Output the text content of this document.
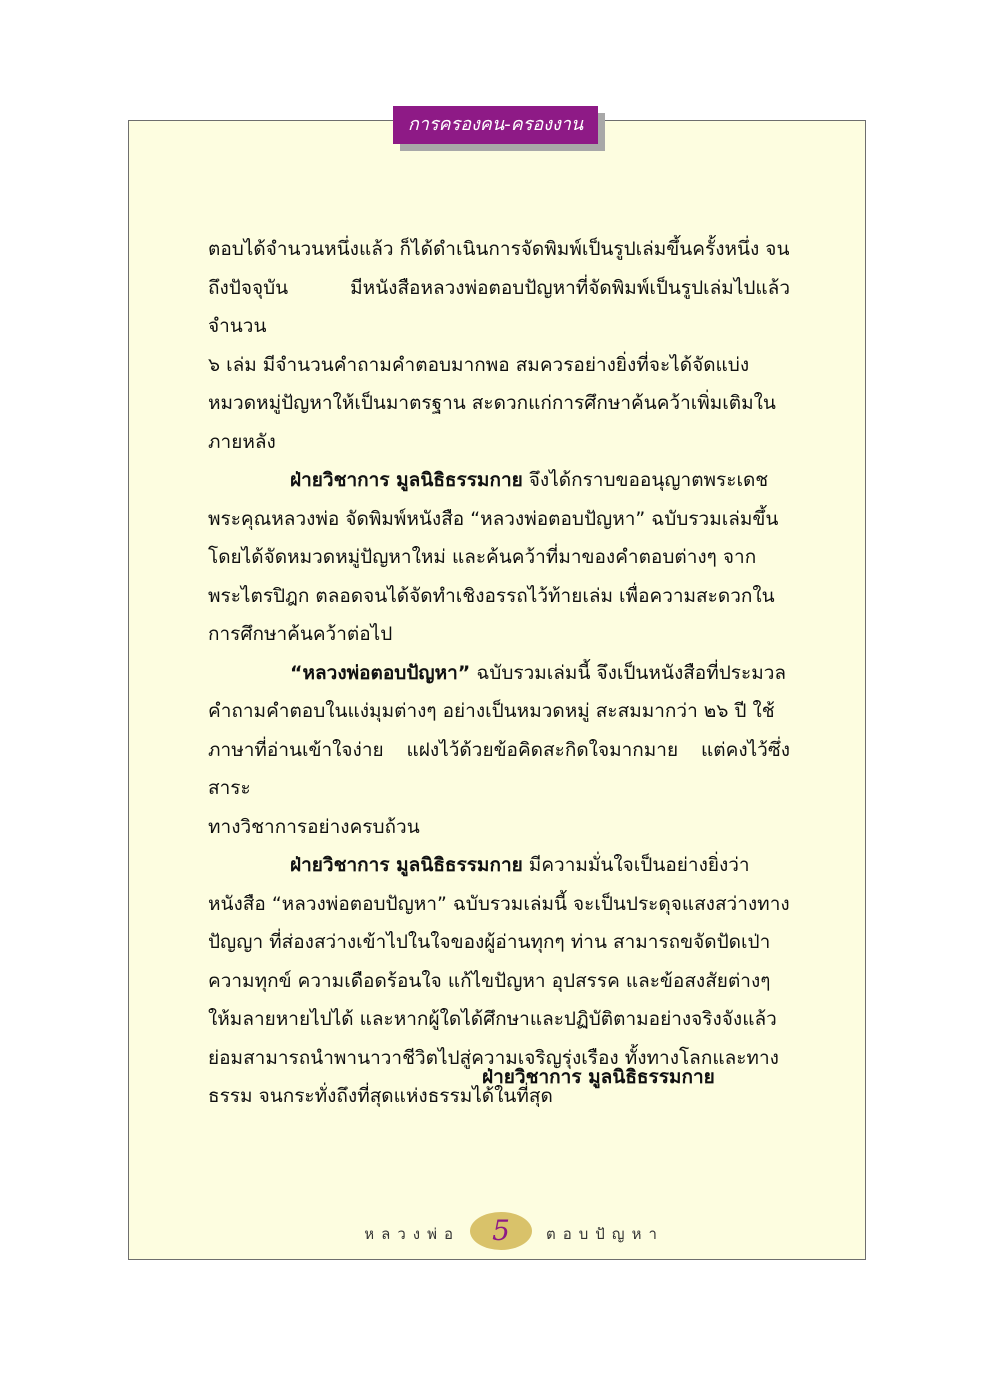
การครองคน-ครองงาน
ตอบได้จำนวนหนึ่งแล้ว ก็ได้ดำเนินการจัดพิมพ์เป็นรูปเล่มขึ้นครั้งหนึ่ง จน
ถึงปัจจุบัน มีหนังสือหลวงพ่อตอบปัญหาที่จัดพิมพ์เป็นรูปเล่มไปแล้วจำนวน
๖ เล่ม มีจำนวนคำถามคำตอบมากพอ สมควรอย่างยิ่งที่จะได้จัดแบ่ง
หมวดหมู่ปัญหาให้เป็นมาตรฐาน สะดวกแก่การศึกษาค้นคว้าเพิ่มเติมใน
ภายหลัง
ฝ่ายวิชาการ มูลนิธิธรรมกาย จึงได้กราบขออนุญาตพระเดช
พระคุณหลวงพ่อ จัดพิมพ์หนังสือ “หลวงพ่อตอบปัญหา” ฉบับรวมเล่มขึ้น
โดยได้จัดหมวดหมู่ปัญหาใหม่ และค้นคว้าที่มาของคำตอบต่างๆ จาก
พระไตรปิฎก ตลอดจนได้จัดทำเชิงอรรถไว้ท้ายเล่ม เพื่อความสะดวกใน
การศึกษาค้นคว้าต่อไป
“หลวงพ่อตอบปัญหา” ฉบับรวมเล่มนี้ จึงเป็นหนังสือที่ประมวล
คำถามคำตอบในแง่มุมต่างๆ อย่างเป็นหมวดหมู่ สะสมมากว่า ๒๖ ปี ใช้
ภาษาที่อ่านเข้าใจง่าย แฝงไว้ด้วยข้อคิดสะกิดใจมากมาย แต่คงไว้ซึ่งสาระ
ทางวิชาการอย่างครบถ้วน
ฝ่ายวิชาการ มูลนิธิธรรมกาย มีความมั่นใจเป็นอย่างยิ่งว่า
หนังสือ “หลวงพ่อตอบปัญหา” ฉบับรวมเล่มนี้ จะเป็นประดุจแสงสว่างทาง
ปัญญา ที่ส่องสว่างเข้าไปในใจของผู้อ่านทุกๆ ท่าน สามารถขจัดปัดเป่า
ความทุกข์ ความเดือดร้อนใจ แก้ไขปัญหา อุปสรรค และข้อสงสัยต่างๆ
ให้มลายหายไปได้ และหากผู้ใดได้ศึกษาและปฏิบัติตามอย่างจริงจังแล้ว
ย่อมสามารถนำพานาวาชีวิตไปสู่ความเจริญรุ่งเรือง ทั้งทางโลกและทาง
ธรรม จนกระทั่งถึงที่สุดแห่งธรรมได้ในที่สุด
ฝ่ายวิชาการ มูลนิธิธรรมกาย
หลวงพ่อ	5	ตอบปัญหา
